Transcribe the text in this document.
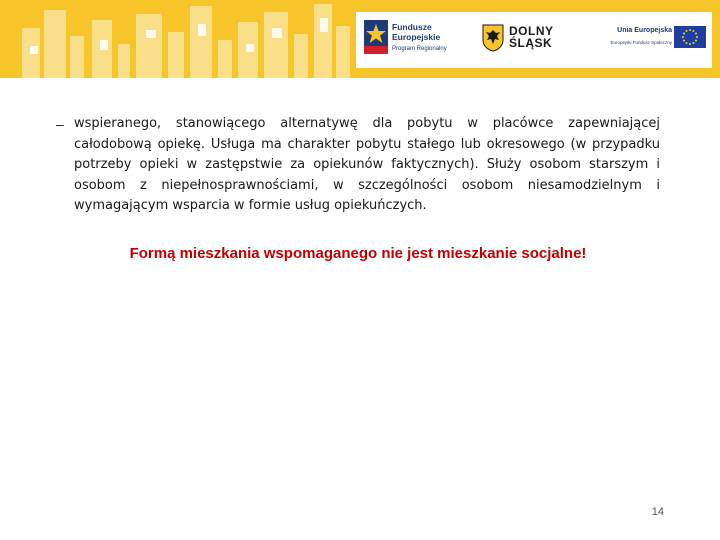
Fundusze
Europejskie
Program Regionalny
DOLNY
ŚLĄSK
Unia Europejska
Europejski Fundusz Społeczny
– wspieranego, stanowiącego alternatywę dla pobytu w placówce zapewniającej całodobową opiekę. Usługa ma charakter pobytu stałego lub okresowego (w przypadku potrzeby opieki w zastępstwie za opiekunów faktycznych). Służy osobom starszym i osobom z niepełnosprawnościami, w szczególności osobom niesamodzielnym i wymagającym wsparcia w formie usług opiekuńczych.
Formą mieszkania wspomaganego nie jest mieszkanie socjalne!
14
